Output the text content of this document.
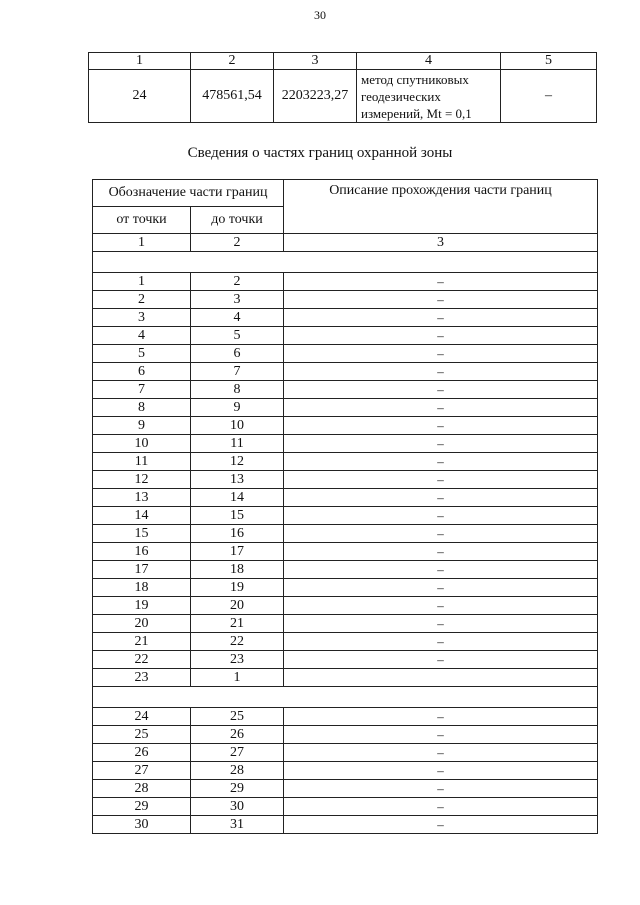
30
1	2	3	4	5
24	478561,54	2203223,27	метод спутниковых
геодезических
измерений, Mt = 0,1	–
Сведения о частях границ охранной зоны
Обозначение части границ		Описание прохождения части границ
от точки	до точки	
1	2	3

1	2	–
2	3	–
3	4	–
4	5	–
5	6	–
6	7	–
7	8	–
8	9	–
9	10	–
10	11	–
11	12	–
12	13	–
13	14	–
14	15	–
15	16	–
16	17	–
17	18	–
18	19	–
19	20	–
20	21	–
21	22	–
22	23	–
23	1	

24	25	–
25	26	–
26	27	–
27	28	–
28	29	–
29	30	–
30	31	–
